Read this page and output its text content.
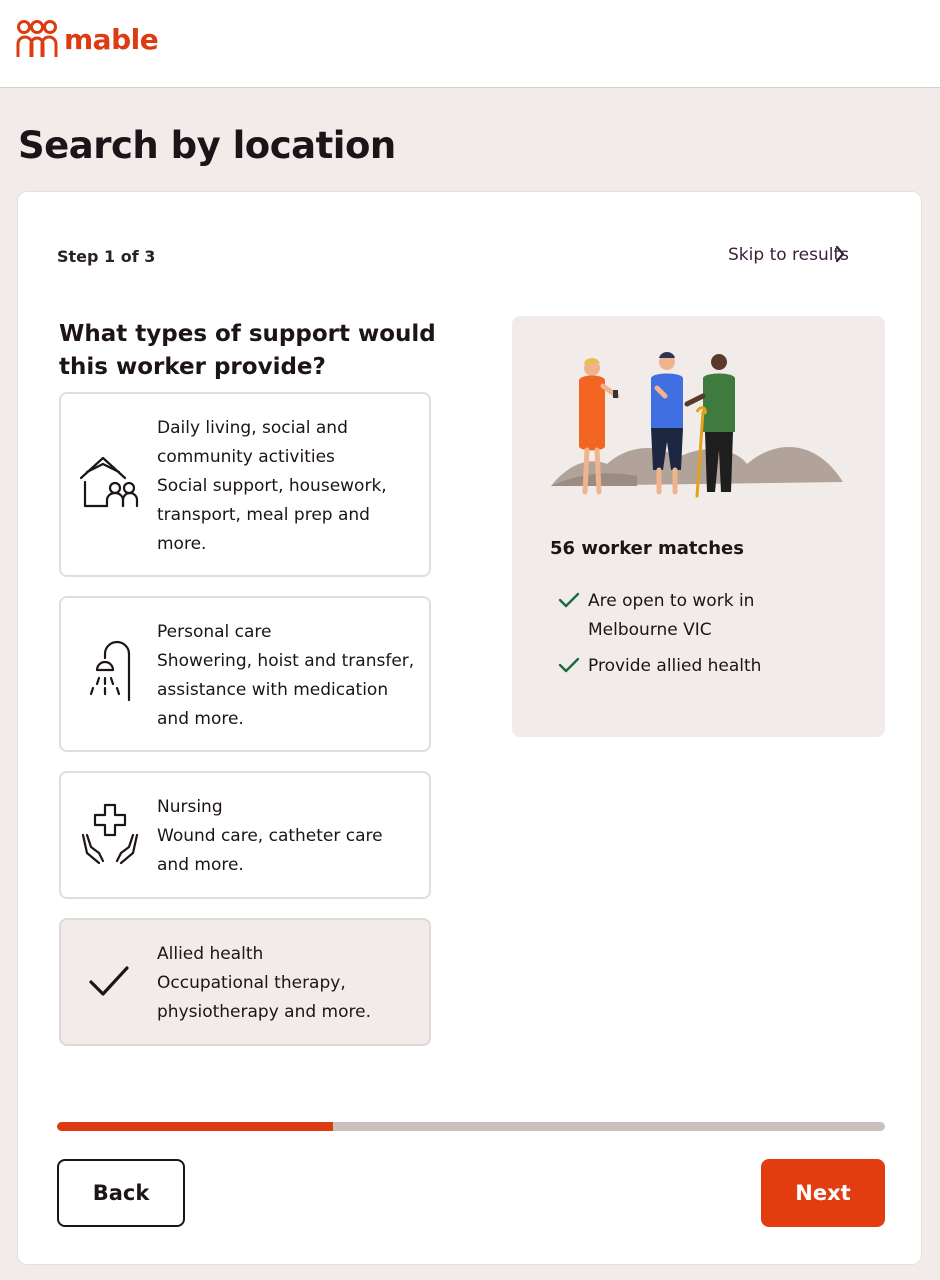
mable
Search by location
Step 1 of 3	Skip to results
What types of support would this worker provide?
Daily living, social and community activities
Social support, housework, transport, meal prep and more.
Personal care
Showering, hoist and transfer, assistance with medication and more.
Nursing
Wound care, catheter care and more.
Allied health
Occupational therapy, physiotherapy and more.
56 worker matches
Are open to work in Melbourne VIC
Provide allied health
Back	Next
